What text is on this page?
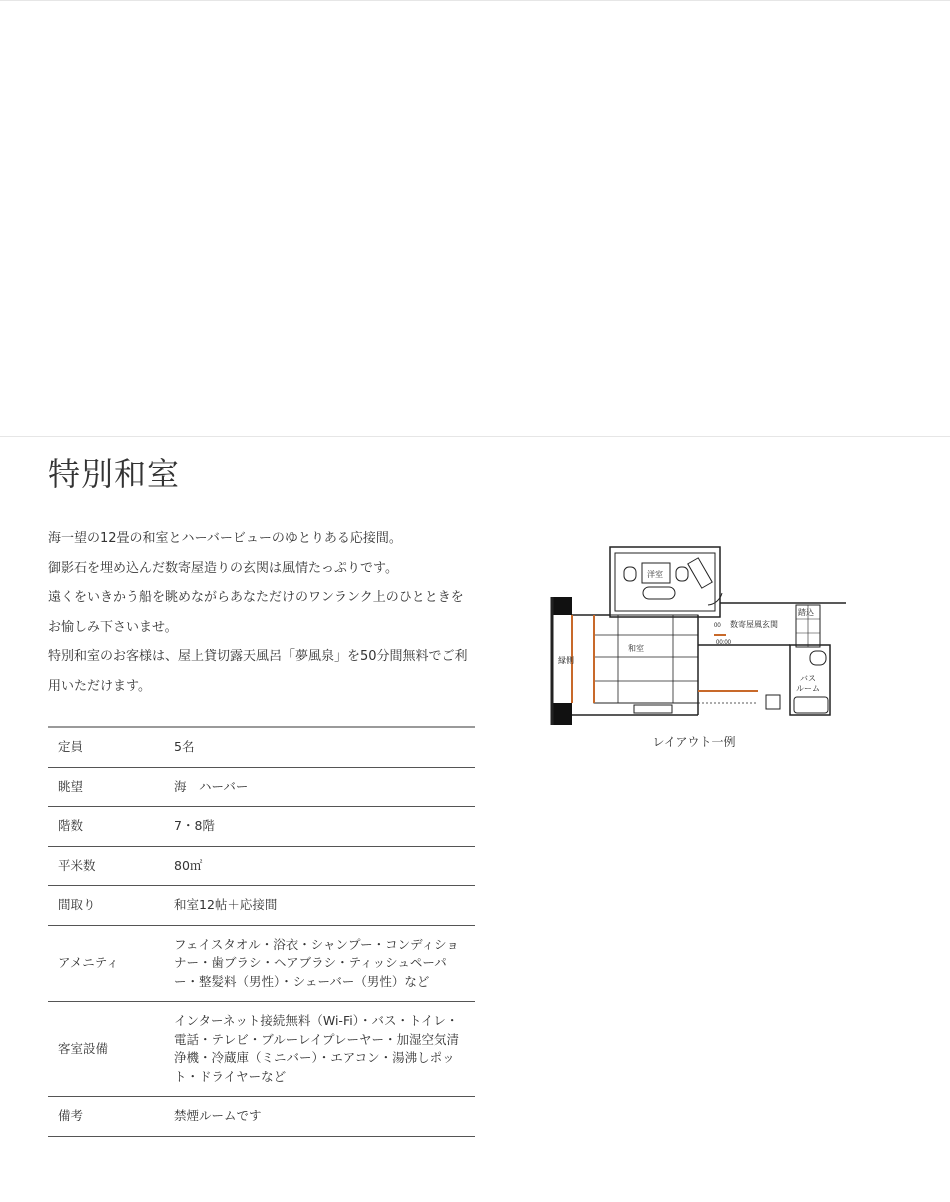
特別和室

海一望の12畳の和室とハーバービューのゆとりある応接間。

御影石を埋め込んだ数寄屋造りの玄関は風情たっぷりです。

遠くをいきかう船を眺めながらあなただけのワンランク上のひとときを

お愉しみ下さいませ。

特別和室のお客様は、屋上貸切露天風呂「夢風泉」を50分間無料でご利

用いただけます。

定員	5名
眺望	海　ハーバー
階数	7・8階
平米数	80㎡
間取り	和室12帖＋応接間
アメニティ	フェイスタオル・浴衣・シャンプー・コンディショナー・歯ブラシ・ヘアブラシ・ティッシュペーパー・整髪料（男性）・シェーバー（男性）など
客室設備	インターネット接続無料（Wi-Fi）・バス・トイレ・電話・テレビ・ブルーレイプレーヤー・加湿空気清浄機・冷蔵庫（ミニバー）・エアコン・湯沸しポット・ドライヤーなど
備考	禁煙ルームです
洋室
縁側
和室
数寄屋風玄関
00
00:00
踏込
バス
ルーム
レイアウト一例
